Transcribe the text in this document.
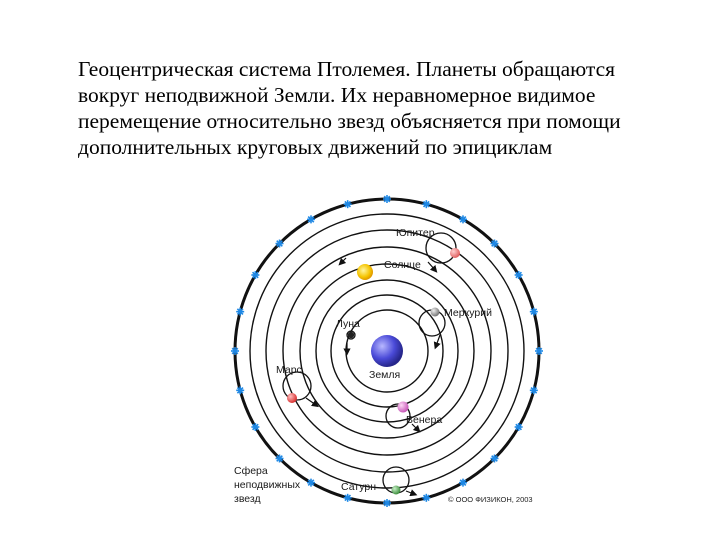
Геоцентрическая система Птолемея. Планеты обращаются
вокруг неподвижной Земли. Их неравномерное видимое
перемещение относительно звезд объясняется при помощи
дополнительных круговых движений по эпициклам
Земля
Луна
Меркурий
Венера
Солнце
Марс
Юпитер
Сатурн
Сфера
неподвижных
звезд	© ООО ФИЗИКОН, 2003
